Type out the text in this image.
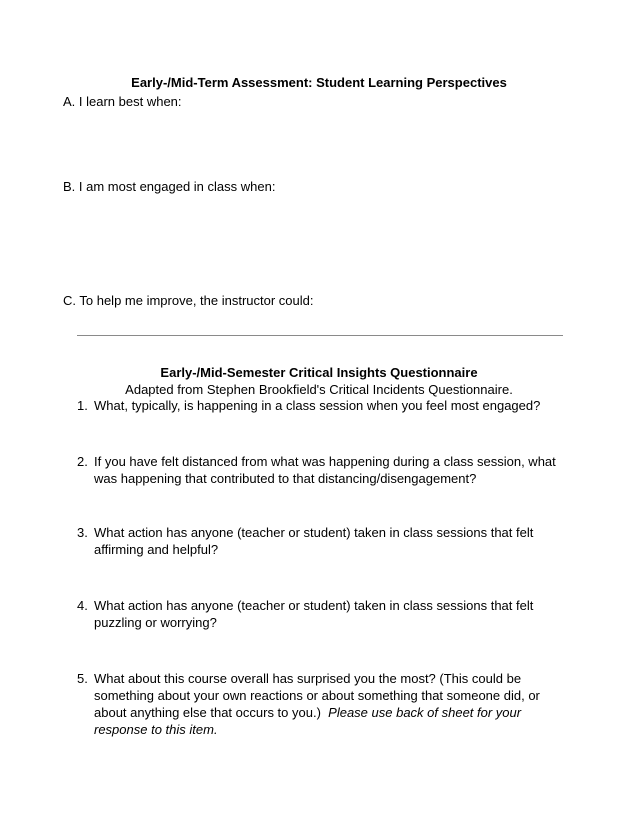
Early-/Mid-Term Assessment: Student Learning Perspectives
A. I learn best when:
B. I am most engaged in class when:
C. To help me improve, the instructor could:
Early-/Mid-Semester Critical Insights Questionnaire
Adapted from Stephen Brookfield's Critical Incidents Questionnaire.
1. What, typically, is happening in a class session when you feel most engaged?
2. If you have felt distanced from what was happening during a class session, what was happening that contributed to that distancing/disengagement?
3. What action has anyone (teacher or student) taken in class sessions that felt affirming and helpful?
4. What action has anyone (teacher or student) taken in class sessions that felt puzzling or worrying?
5. What about this course overall has surprised you the most? (This could be something about your own reactions or about something that someone did, or about anything else that occurs to you.) Please use back of sheet for your response to this item.
